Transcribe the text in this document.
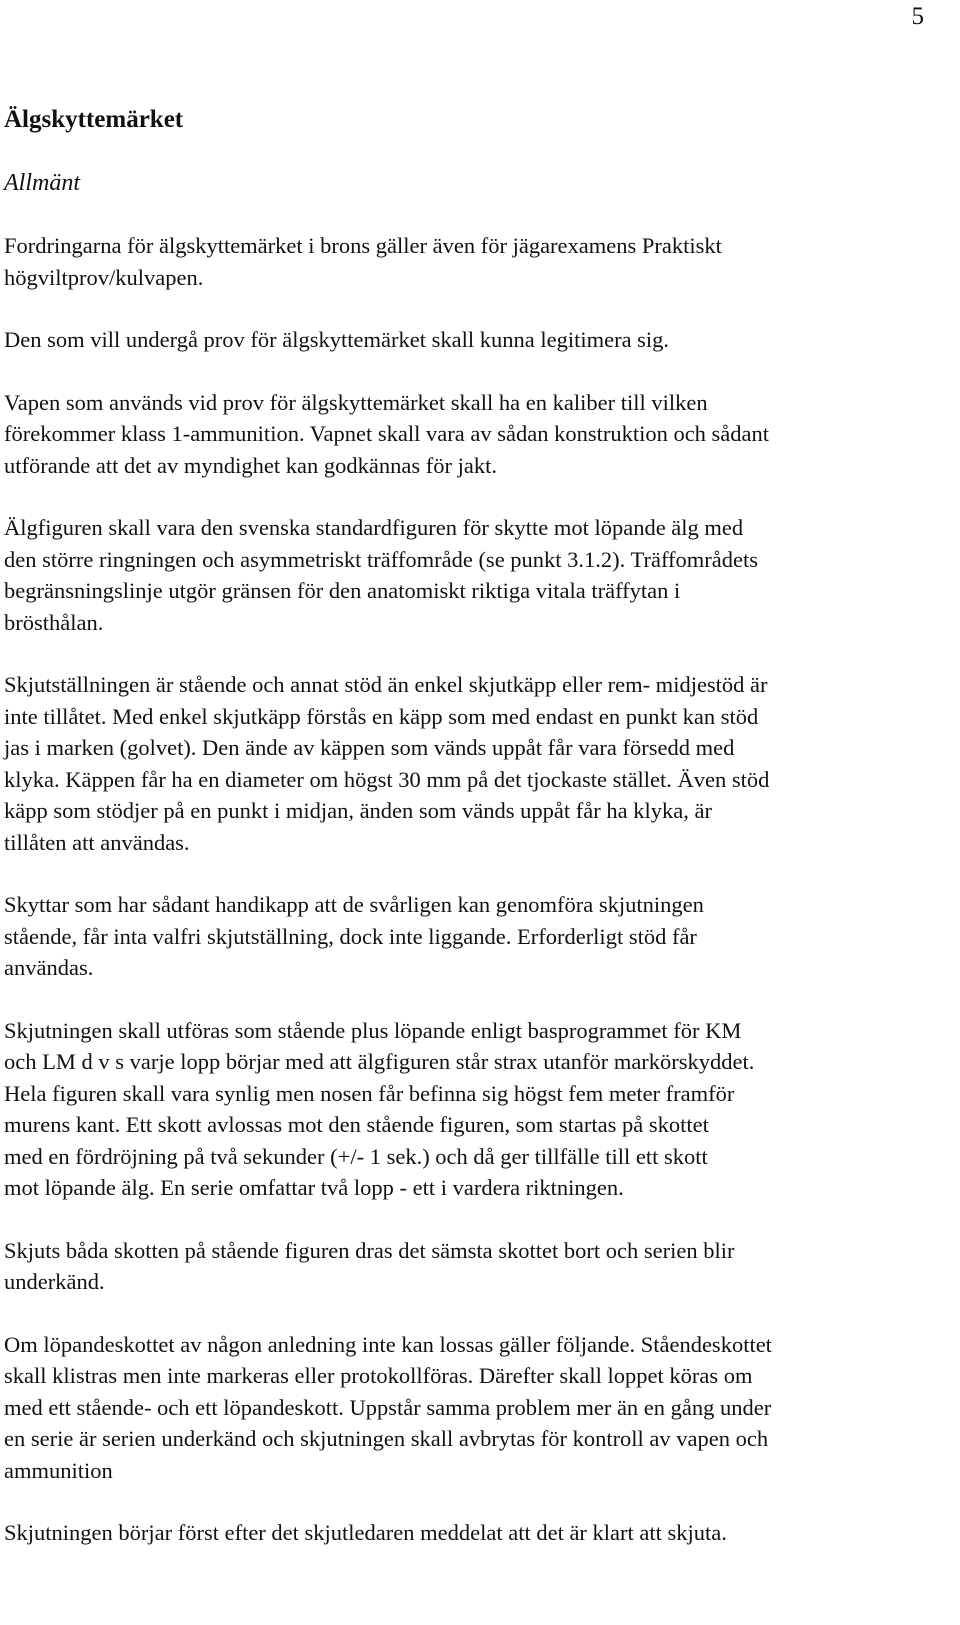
5
Älgskyttemärket
Allmänt

Fordringarna för älgskyttemärket i brons gäller även för jägarexamens Praktiskt
högviltprov/kulvapen.

Den som vill undergå prov för älgskyttemärket skall kunna legitimera sig.

Vapen som används vid prov för älgskyttemärket skall ha en kaliber till vilken
förekommer klass 1-ammunition. Vapnet skall vara av sådan konstruktion och sådant
utförande att det av myndighet kan godkännas för jakt.

Älgfiguren skall vara den svenska standardfiguren för skytte mot löpande älg med
den större ringningen och asymmetriskt träffområde (se punkt 3.1.2). Träffområdets
begränsningslinje utgör gränsen för den anatomiskt riktiga vitala träffytan i
brösthålan.

Skjutställningen är stående och annat stöd än enkel skjutkäpp eller rem- midjestöd är
inte tillåtet. Med enkel skjutkäpp förstås en käpp som med endast en punkt kan stöd
jas i marken (golvet). Den ände av käppen som vänds uppåt får vara försedd med
klyka. Käppen får ha en diameter om högst 30 mm på det tjockaste stället. Även stöd
käpp som stödjer på en punkt i midjan, änden som vänds uppåt får ha klyka, är
tillåten att användas.

Skyttar som har sådant handikapp att de svårligen kan genomföra skjutningen
stående, får inta valfri skjutställning, dock inte liggande. Erforderligt stöd får
användas.

Skjutningen skall utföras som stående plus löpande enligt basprogrammet för KM
och LM d v s varje lopp börjar med att älgfiguren står strax utanför markörskyddet.
Hela figuren skall vara synlig men nosen får befinna sig högst fem meter framför
murens kant. Ett skott avlossas mot den stående figuren, som startas på skottet
med en fördröjning på två sekunder (+/- 1 sek.) och då ger tillfälle till ett skott
mot löpande älg. En serie omfattar två lopp - ett i vardera riktningen.

Skjuts båda skotten på stående figuren dras det sämsta skottet bort och serien blir
underkänd.

Om löpandeskottet av någon anledning inte kan lossas gäller följande. Ståendeskottet
skall klistras men inte markeras eller protokollföras. Därefter skall loppet köras om
med ett stående- och ett löpandeskott. Uppstår samma problem mer än en gång under
en serie är serien underkänd och skjutningen skall avbrytas för kontroll av vapen och
ammunition

Skjutningen börjar först efter det skjutledaren meddelat att det är klart att skjuta.
